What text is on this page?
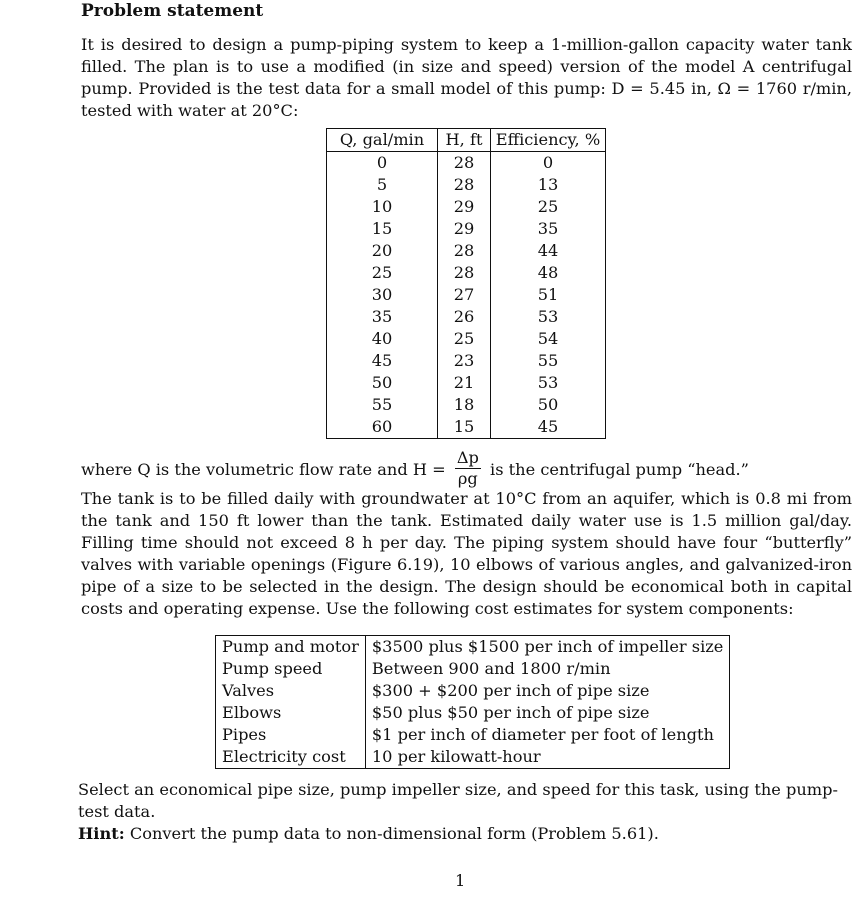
Problem statement
It is desired to design a pump-piping system to keep a 1-million-gallon capacity water tank filled. The plan is to use a modified (in size and speed) version of the model A centrifugal pump. Provided is the test data for a small model of this pump: D = 5.45 in, Ω = 1760 r/min, tested with water at 20°C:
Q, gal/min	H, ft	Efficiency, %
0	28	0
5	28	13
10	29	25
15	29	35
20	28	44
25	28	48
30	27	51
35	26	53
40	25	54
45	23	55
50	21	53
55	18	50
60	15	45
where Q is the volumetric flow rate and $H = \frac{\Delta p}{\rho g}$ is the centrifugal pump “head.”
The tank is to be filled daily with groundwater at 10°C from an aquifer, which is 0.8 mi from the tank and 150 ft lower than the tank. Estimated daily water use is 1.5 million gal/day. Filling time should not exceed 8 h per day. The piping system should have four “butterfly” valves with variable openings (Figure 6.19), 10 elbows of various angles, and galvanized-iron pipe of a size to be selected in the design. The design should be economical both in capital costs and operating expense. Use the following cost estimates for system components:
Pump and motor	$3500 plus $1500 per inch of impeller size
Pump speed	Between 900 and 1800 r/min
Valves	$300 + $200 per inch of pipe size
Elbows	$50 plus $50 per inch of pipe size
Pipes	$1 per inch of diameter per foot of length
Electricity cost	10 per kilowatt-hour
Select an economical pipe size, pump impeller size, and speed for this task, using the pump-test data.
Hint: Convert the pump data to non-dimensional form (Problem 5.61).
1
